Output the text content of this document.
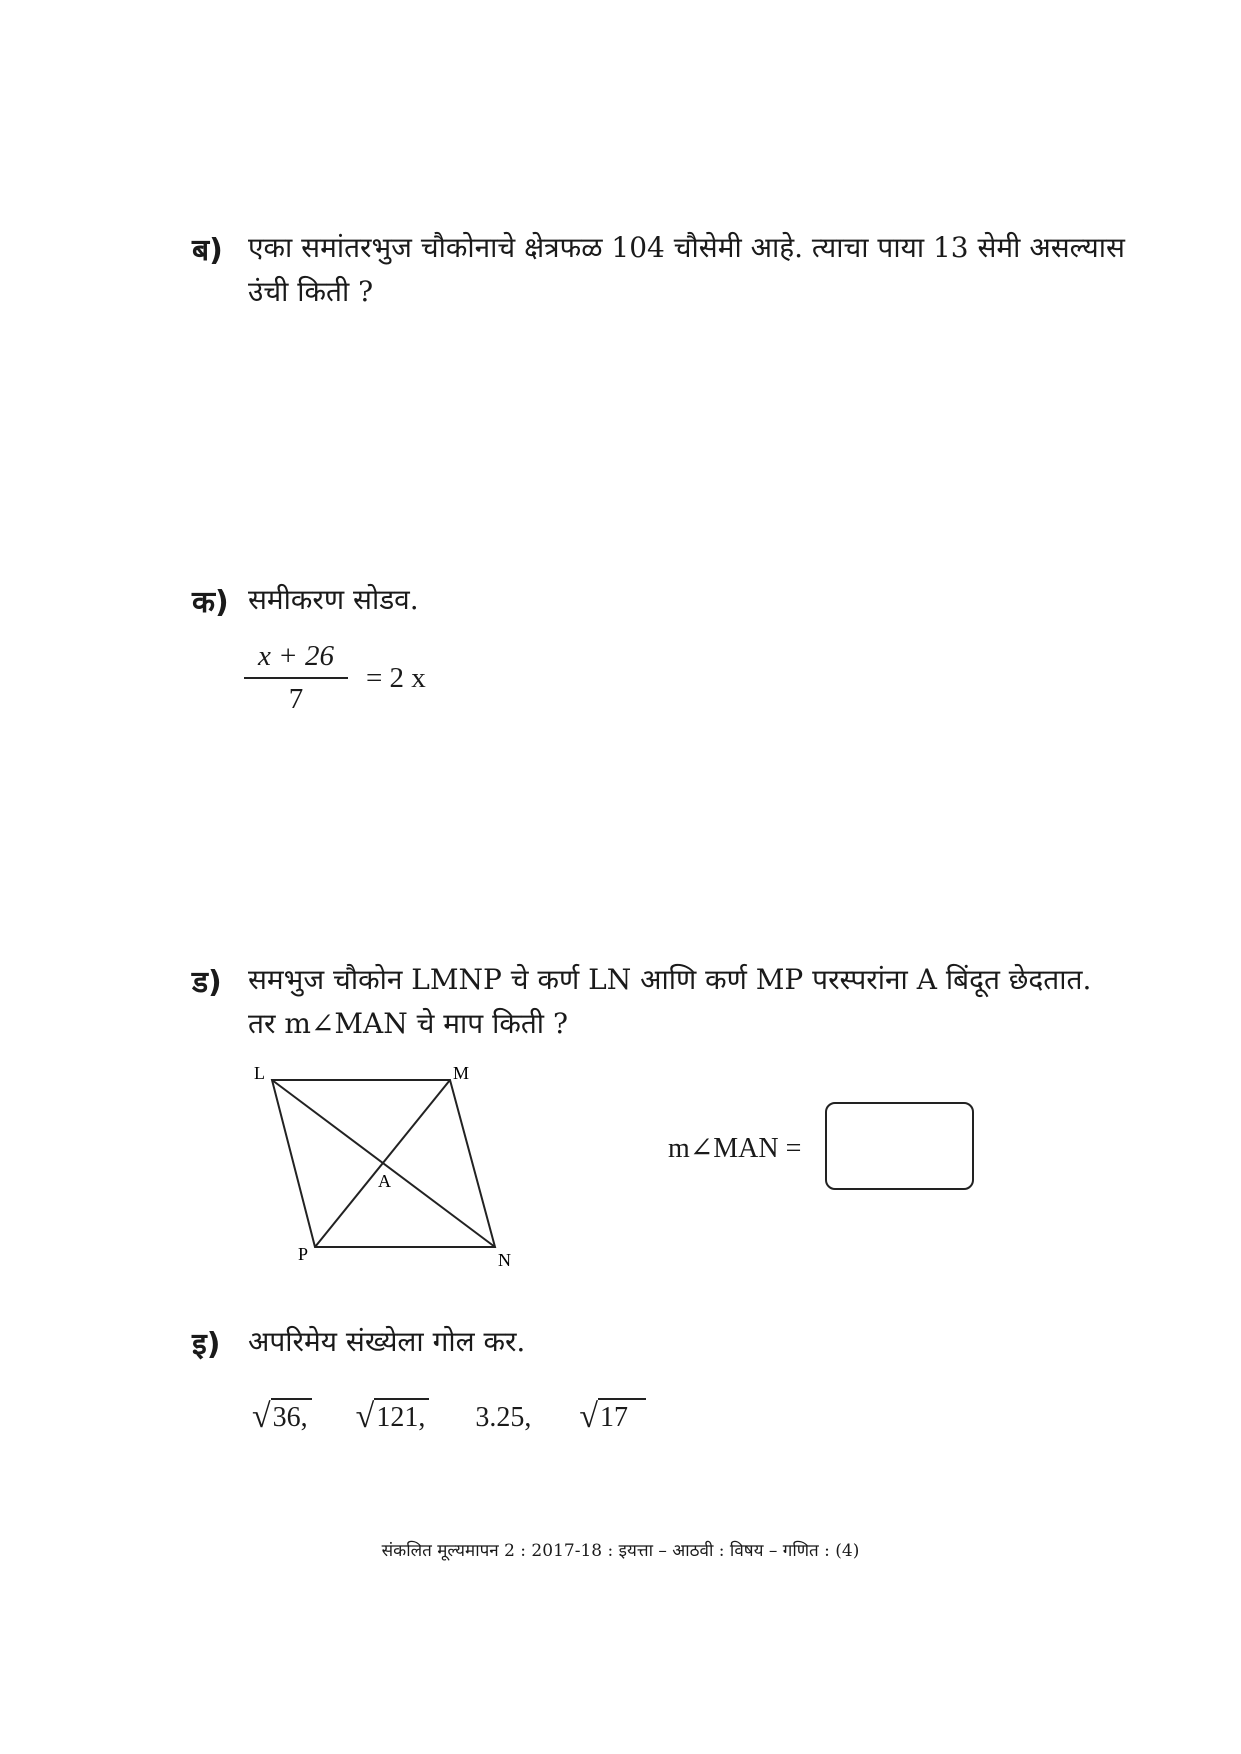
ब) एका समांतरभुज चौकोनाचे क्षेत्रफळ 104 चौसेमी आहे. त्याचा पाया 13 सेमी असल्यास
उंची किती ?
क) समीकरण सोडव.
$\frac{x + 26}{7} = 2$ x
ड) समभुज चौकोन LMNP चे कर्ण LN आणि कर्ण MP परस्परांना A बिंदूत छेदतात.
तर m∠MAN चे माप किती ?
L	M
N
P
A
m∠MAN =
इ) अपरिमेय संख्येला गोल कर.
√ 36, √ 121, 3.25, √ 17
संकलित मूल्यमापन 2 : 2017-18 : इयत्ता – आठवी : विषय – गणित : (4)
